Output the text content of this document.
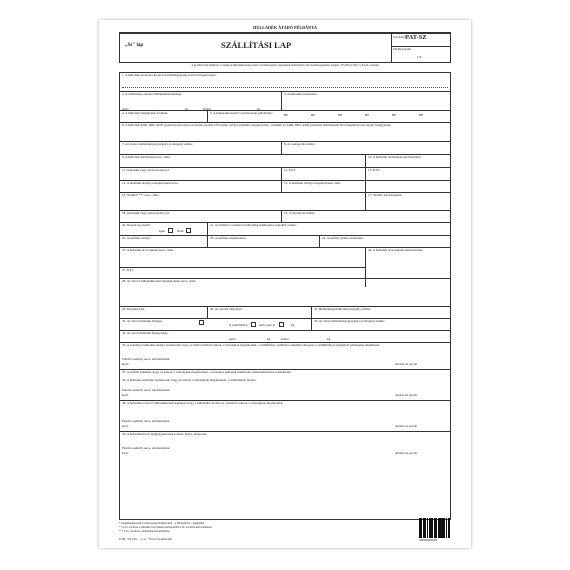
HULLADÉK ÁTADÓ PÉLDÁNYA
„Sz" lap	SZÁLLÍTÁSI LAP
Sorszám: PAT-SZ
Példányszám:
1/4
A nyomtatvány kitöltésé a veszélyes hulladékkal kapcsolatos tevékenységek végzésének feltételeiről szóló kormányrendelet alapján. 225/2015.(VIII.7.) Korm. rendelet
1. A hulladék azonosító kódja és hulladékjegyzék szerinti megnevezése:
2. A szállítmány átadott hulladékmennyisége:
nettó	kg	bruttó	kg
3. A hulladék összetétele:
4. A hulladék megjelenési formája:	5. A legkarakteresebb veszélyességi jellemzője:	HP	HP	HP	HP	HP	HP
6. A hulladék ADR, RID, ADN (szerinti) besorolása és annak szerinti UN száma, helyes szállítási megnevezése, valamint az ADR, RID, ADN (szerinti) alábbiaknál) által meghatározott egyéb bejegyzések
7. Az átadott küldeményegységek (csomagok) száma:	8. A csomagolás módja:
9. A hulladék átadójának neve, címe:	10. A hulladék átadójának telefonszáma:
11. Adószám vagy adóazonosító jel:	12. KTJ:	13. KTS:
14. A hulladék átadója telephelyének neve:	15. A hulladék átadója telephelyének címe:
16. Szállító**** neve, címe:	17. Szállító telefonszáma:
18. Adószám vagy adóazonosító jel:	19. A fuvarlevél száma:
20. Kíséret kg esetén:
Igen	Nem
21. A szállítóra vonatkozó hulladékgazdálkodási engedély száma:
22. A szállítás módja:	23. A szállítás megkezdése:	24. A szállító jármű rendszáma:
25. A hulladék átvevőjének neve, címe:	26. A hulladék átvevőjének telefonszáma:
27. KTJ:
28. Az átvevő hulladékkezelő telephelyének neve, címe:
29. Kezelési kód:	30. Az átvétel időpontja:	31. Hulladékgazdálkodási engedély száma:
32. Az átvett hulladék tömege:
A szállítmány:	nem vette át	kg
33. Az átvett küldeményegységek (csomagok) száma:
34. Az átvett hulladék mennyisége:
nettó	kg	bruttó	kg
35. A veszélyes hulladék átadója nyilatkozik, hogy az általa kitöltött adatok a valóságnak megfelelnek, a szállítmány szállításra alkalmas állapotú, a szállítmányra megfelelő jelöléseket alkalmazta.
Felelős személy neve, telefonszáma:
Kelt:	Aláírás és pecsét
37. A szállító kijelenti, hogy az adatok a valóságnak megfelelnek, a veszélyes hulladék szállítására felhatalmazással rendelkezik.
36. A hulladék szállítója nyilatkozik, hogy az adatok a valóságnak megfelelnek, a szállítmányt átvette.
Felelős személy neve, telefonszáma:
Kelt:	Aláírás és pecsét
38. A hulladékot átvevő hulladékkezelő kijelenti, hogy a hulladékot átvette és a kitöltött adatok a valóságnak megfelelnek.
Felelős személy neve, telefonszáma:
Kelt:	Aláírás és pecsét
39. A hulladékátvevő megjegyzéseinek indoka, helye, időpontja:
Felelős személy neve, telefonszáma:
Kelt:	Aláírás és pecsét
* A legkarakteresebb veszélyességi jellemzőt kell – a HP kódjával – megjelölni.
** A 25. rovatban a hulladék átvevőjének telefonszámát a 26. rovatban kell feltüntetni.
*** A 16. rovatban a szállítónak kell kitöltenie.
8. DL. 50/1/Ta. – 5. sz. • Nova Nyomda Kft.	5990000000000
